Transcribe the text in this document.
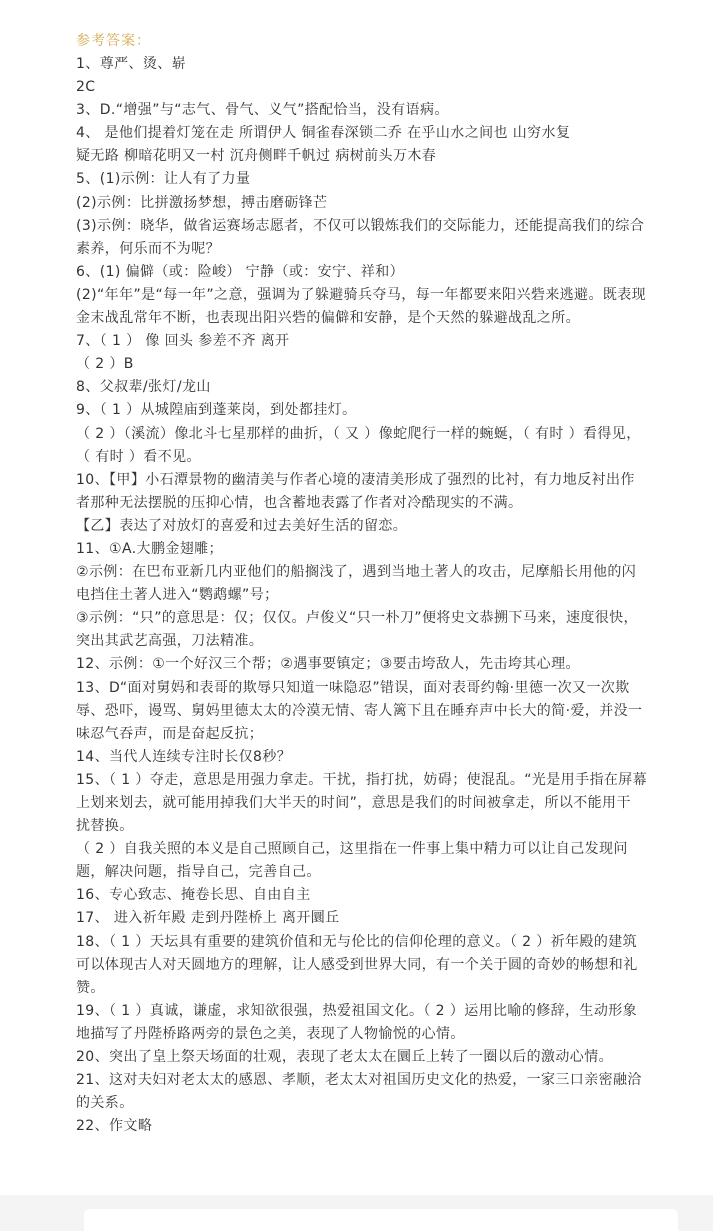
参考答案：
1、尊严、烫、崭
2C
3、D.“增强”与“志气、骨气、义气”搭配恰当，没有语病。
4、 是他们提着灯笼在走 所谓伊人 铜雀春深锁二乔 在乎山水之间也 山穷水复
疑无路 柳暗花明又一村 沉舟侧畔千帆过 病树前头万木春
5、(1)示例：让人有了力量
(2)示例：比拼激扬梦想，搏击磨砺锋芒
(3)示例：晓华，做省运赛场志愿者，不仅可以锻炼我们的交际能力，还能提高我们的综合
素养，何乐而不为呢？
6、(1) 偏僻（或：险峻） 宁静（或：安宁、祥和）
(2)“年年”是“每一年”之意，强调为了躲避骑兵夺马，每一年都要来阳兴砦来逃避。既表现
金末战乱常年不断，也表现出阳兴砦的偏僻和安静，是个天然的躲避战乱之所。
7、（ 1 ） 像 回头 参差不齐 离开
（ 2 ）B
8、父叔辈/张灯/龙山
9、（ 1 ）从城隍庙到蓬莱岗，到处都挂灯。
（ 2 ）（溪流）像北斗七星那样的曲折，（ 又 ）像蛇爬行一样的蜿蜒，（ 有时 ）看得见，
（ 有时 ）看不见。
10、【甲】小石潭景物的幽清美与作者心境的凄清美形成了强烈的比衬，有力地反衬出作
者那种无法摆脱的压抑心情，也含蓄地表露了作者对冷酷现实的不满。
【乙】表达了对放灯的喜爱和过去美好生活的留恋。
11、①A.大鹏金翅雕；
②示例：在巴布亚新几内亚他们的船搁浅了，遇到当地土著人的攻击，尼摩船长用他的闪
电挡住土著人进入“鹦鹉螺”号；
③示例：“只”的意思是：仅；仅仅。卢俊义“只一朴刀”便将史文恭搠下马来，速度很快，
突出其武艺高强，刀法精准。
12、示例：①一个好汉三个帮；②遇事要镇定；③要击垮敌人，先击垮其心理。
13、D“面对舅妈和表哥的欺辱只知道一味隐忍”错误，面对表哥约翰·里德一次又一次欺
辱、恐吓，谩骂、舅妈里德太太的冷漠无情、寄人篱下且在睡弃声中长大的简·爱，并没一
味忍气吞声，而是奋起反抗；
14、当代人连续专注时长仅8秒？
15、（ 1 ）夺走，意思是用强力拿走。干扰，指打扰，妨碍；使混乱。“光是用手指在屏幕
上划来划去，就可能用掉我们大半天的时间”，意思是我们的时间被拿走，所以不能用干
扰替换。
（ 2 ）自我关照的本义是自己照顾自己，这里指在一件事上集中精力可以让自己发现问
题，解决问题，指导自己，完善自己。
16、专心致志、掩卷长思、自由自主
17、 进入祈年殿 走到丹陛桥上 离开圜丘
18、（ 1 ）天坛具有重要的建筑价值和无与伦比的信仰伦理的意义。（ 2 ）祈年殿的建筑
可以体现古人对天圆地方的理解，让人感受到世界大同，有一个关于圆的奇妙的畅想和礼
赞。
19、（ 1 ）真诚，谦虚，求知欲很强，热爱祖国文化。（ 2 ）运用比喻的修辞，生动形象
地描写了丹陛桥路两旁的景色之美，表现了人物愉悦的心情。
20、突出了皇上祭天场面的壮观，表现了老太太在圜丘上转了一圈以后的激动心情。
21、这对夫妇对老太太的感恩、孝顺，老太太对祖国历史文化的热爱，一家三口亲密融洽
的关系。
22、作文略
